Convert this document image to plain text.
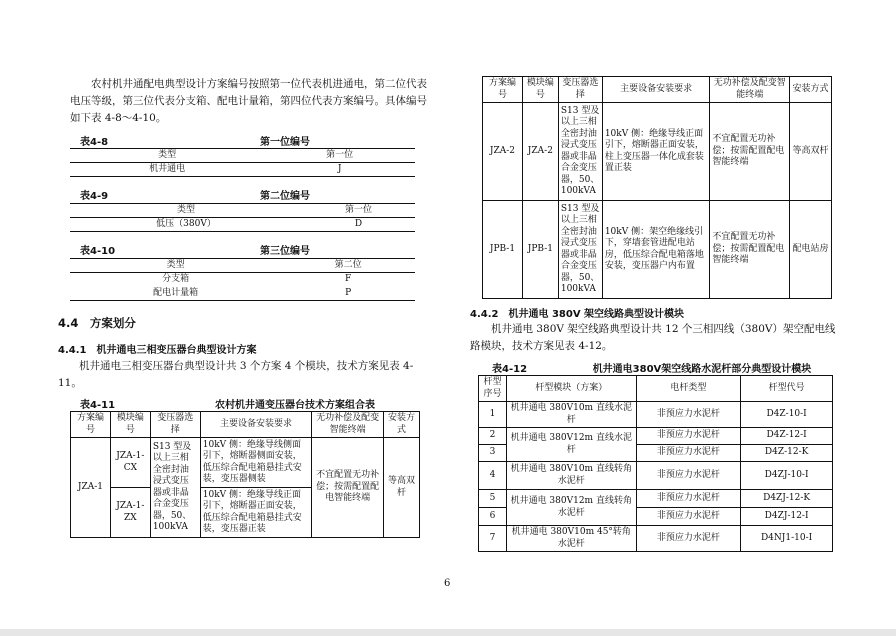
农村机井通配电典型设计方案编号按照第一位代表机进通电，第二位代表电压等级，第三位代表分支箱、配电计量箱，第四位代表方案编号。具体编号如下表 4-8～4-10。

表4-8	第一位编号
类型	第一位
机井通电	J
表4-9	第二位编号
类型	第一位
低压（380V）	D
表4-10	第三位编号
类型	第二位
分支箱	F
配电计量箱	P
4.4　方案划分
4.4.1　机井通电三相变压器台典型设计方案

机井通电三相变压器台典型设计共 3 个方案 4 个模块，技术方案见表 4-11。

表4-11	农村机井通变压器台技术方案组合表
方案编号	模块编号	变压器选择	主要设备安装要求	无功补偿及配变智能终端	安装方式
JZA-1	JZA-1-CX	S13 型及以上三相全密封油浸式变压器或非晶合金变压器，50、100kVA	10kV 侧：绝缘导线侧面引下，熔断器侧面安装，低压综合配电箱悬挂式安装，变压器侧装	不宜配置无功补偿；按需配置配电智能终端	等高双杆
	JZA-1-ZX		10kV 侧：绝缘导线正面引下，熔断器正面安装，低压综合配电箱悬挂式安装，变压器正装		
方案编号	模块编号	变压器选择	主要设备安装要求	无功补偿及配变智能终端	安装方式
JZA-2	JZA-2	S13 型及以上三相全密封油浸式变压器或非晶合金变压器，50、100kVA	10kV 侧：绝缘导线正面引下，熔断器正面安装，柱上变压器一体化成套装置正装	不宜配置无功补偿；按需配置配电智能终端	等高双杆
JPB-1	JPB-1	S13 型及以上三相全密封油浸式变压器或非晶合金变压器，50、100kVA	10kV 侧：架空绝缘线引下，穿墙套管进配电站房，低压综合配电箱落地安装，变压器户内布置	不宜配置无功补偿；按需配置配电智能终端	配电站房
4.4.2　机井通电 380V 架空线路典型设计模块

机井通电 380V 架空线路典型设计共 12 个三相四线（380V）架空配电线路模块，技术方案见表 4-12。

表4-12	机井通电380V架空线路水泥杆部分典型设计模块
杆型序号	杆型模块（方案）	电杆类型	杆型代号
1	机井通电 380V10m 直线水泥杆	非预应力水泥杆	D4Z-10-I
2	机井通电 380V12m 直线水泥杆	非预应力水泥杆	D4Z-12-I
3		非预应力水泥杆	D4Z-12-K
4	机井通电 380V10m 直线转角水泥杆	非预应力水泥杆	D4ZJ-10-I
5	机井通电 380V12m 直线转角水泥杆	非预应力水泥杆	D4ZJ-12-K
6		非预应力水泥杆	D4ZJ-12-I
7	机井通电 380V10m 45°转角水泥杆	非预应力水泥杆	D4NJ1-10-I
6
